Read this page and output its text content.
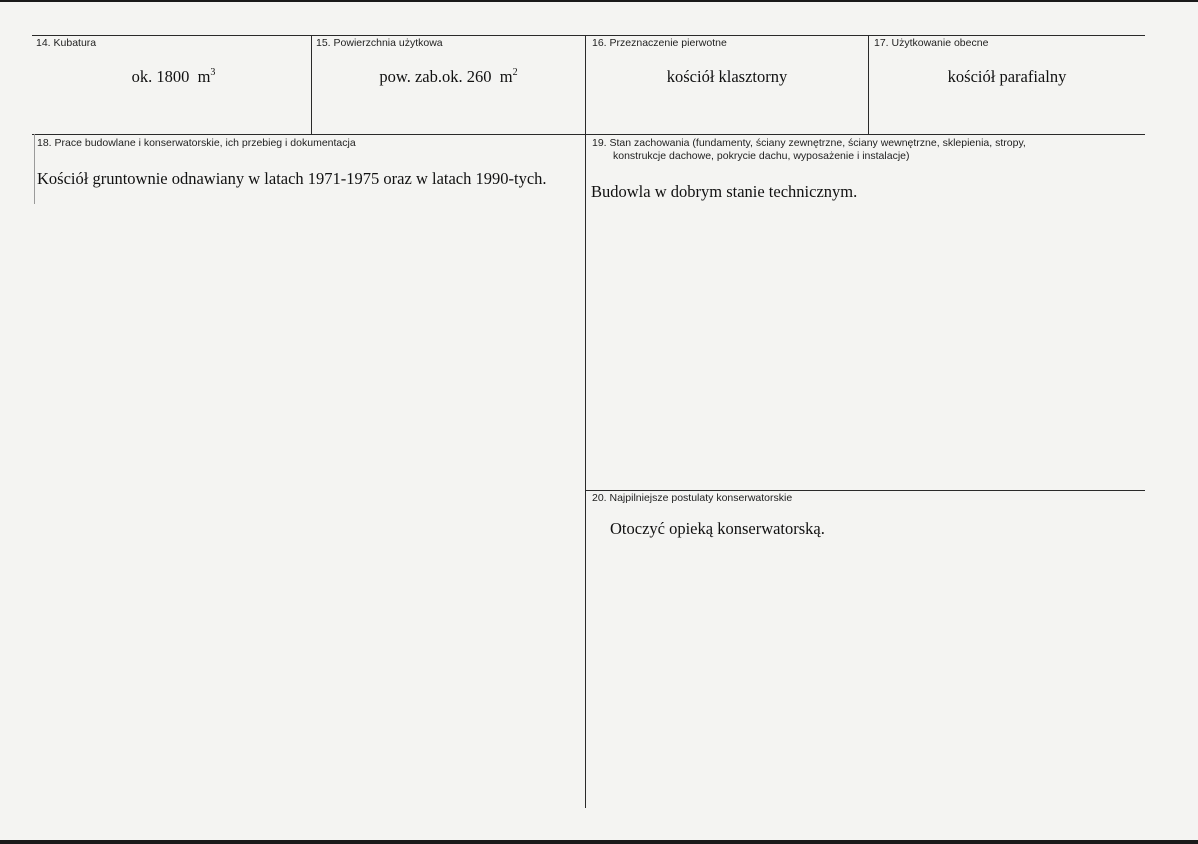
14. Kubatura
ok. 1800 $m^3$
15. Powierzchnia użytkowa
pow. zab.ok. 260 $m^2$
16. Przeznaczenie pierwotne
kościół klasztorny
17. Użytkowanie obecne
kościół parafialny
18. Prace budowlane i konserwatorskie, ich przebieg i dokumentacja
Kościół gruntownie odnawiany w latach 1971-1975 oraz w latach 1990-tych.
19. Stan zachowania (fundamenty, ściany zewnętrzne, ściany wewnętrzne, sklepienia, stropy,
konstrukcje dachowe, pokrycie dachu, wyposażenie i instalacje)
Budowla w dobrym stanie technicznym.
20. Najpilniejsze postulaty konserwatorskie
Otoczyć opieką konserwatorską.
